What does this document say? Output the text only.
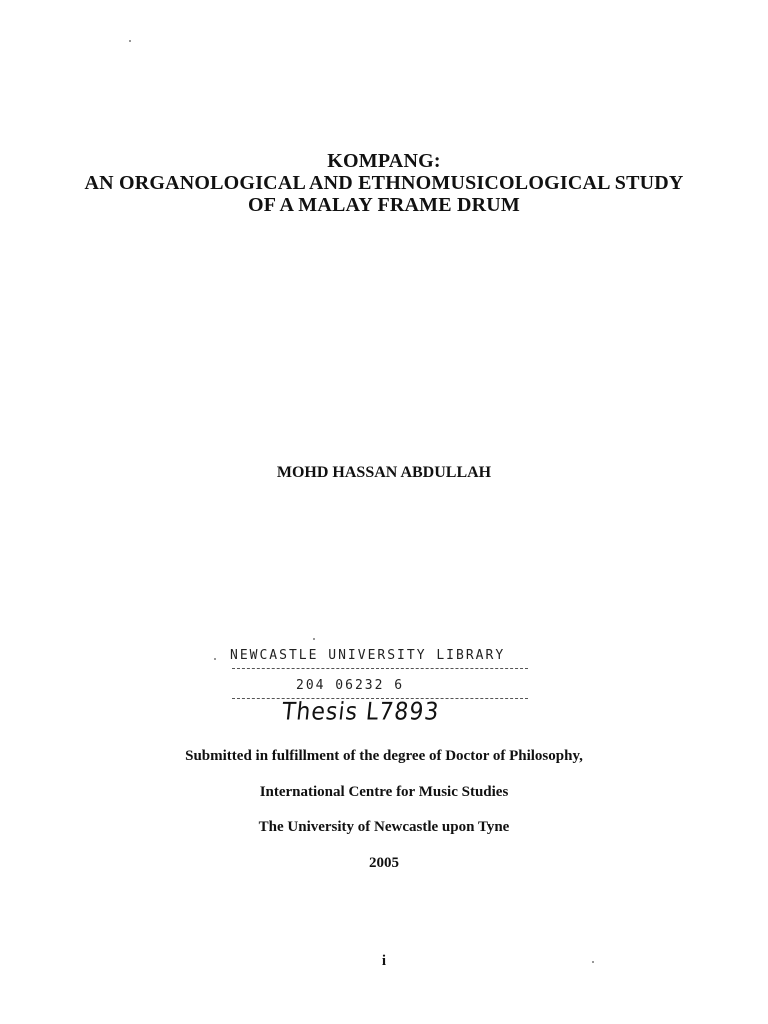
KOMPANG:
AN ORGANOLOGICAL AND ETHNOMUSICOLOGICAL STUDY
OF A MALAY FRAME DRUM
MOHD HASSAN ABDULLAH
NEWCASTLE UNIVERSITY LIBRARY
204 06232 6
Thesis L7893
Submitted in fulfillment of the degree of Doctor of Philosophy,
International Centre for Music Studies
The University of Newcastle upon Tyne
2005
i
